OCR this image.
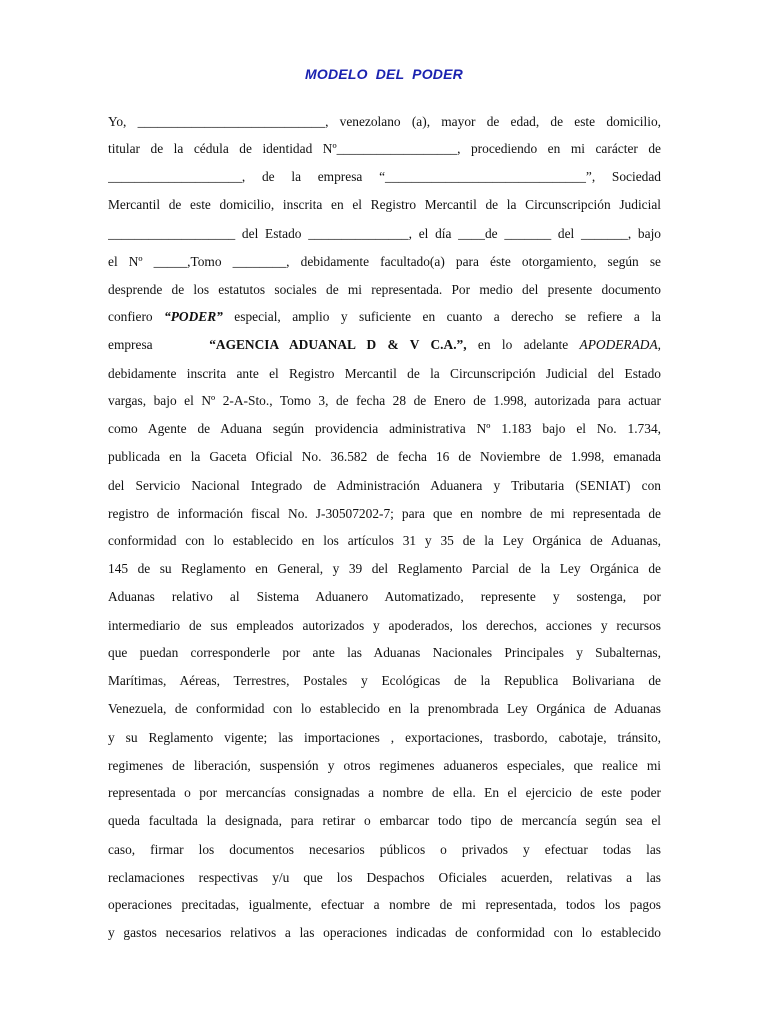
MODELO DEL PODER
Yo, ____________________________, venezolano (a), mayor de edad, de este domicilio,
titular de la cédula de identidad Nº__________________, procediendo en mi carácter de
____________________, de la empresa “______________________________”, Sociedad
Mercantil de este domicilio, inscrita en el Registro Mercantil de la Circunscripción Judicial
___________________ del Estado _______________, el día ____de _______ del _______, bajo
el Nº _____,Tomo ________, debidamente facultado(a) para éste otorgamiento, según se
desprende de los estatutos sociales de mi representada. Por medio del presente documento
confiero “PODER” especial, amplio y suficiente en cuanto a derecho se refiere a la
empresa     “AGENCIA ADUANAL D & V C.A.”, en lo adelante APODERADA,
debidamente inscrita ante el Registro Mercantil de la Circunscripción Judicial del Estado
vargas, bajo el Nº 2-A-Sto., Tomo 3, de fecha 28 de Enero de 1.998, autorizada para actuar
como Agente de Aduana según providencia administrativa Nº 1.183 bajo el No. 1.734,
publicada en la Gaceta Oficial No. 36.582 de fecha 16 de Noviembre de 1.998, emanada
del Servicio Nacional Integrado de Administración Aduanera y Tributaria (SENIAT) con
registro de información fiscal No. J-30507202-7; para que en nombre de mi representada de
conformidad con lo establecido en los artículos 31 y 35 de la Ley Orgánica de Aduanas,
145 de su Reglamento en General, y 39 del Reglamento Parcial de la Ley Orgánica de
Aduanas relativo al Sistema Aduanero Automatizado, represente y sostenga, por
intermediario de sus empleados autorizados y apoderados, los derechos, acciones y recursos
que puedan corresponderle por ante las Aduanas Nacionales Principales y Subalternas,
Marítimas, Aéreas, Terrestres, Postales y Ecológicas de la Republica Bolivariana de
Venezuela, de conformidad con lo establecido en la prenombrada Ley Orgánica de Aduanas
y su Reglamento vigente; las importaciones , exportaciones, trasbordo, cabotaje, tránsito,
regimenes de liberación, suspensión y otros regimenes aduaneros especiales, que realice mi
representada o por mercancías consignadas a nombre de ella. En el ejercicio de este poder
queda facultada la designada, para retirar o embarcar todo tipo de mercancía según sea el
caso, firmar los documentos necesarios públicos o privados y efectuar todas las
reclamaciones respectivas y/u que los Despachos Oficiales acuerden, relativas a las
operaciones precitadas, igualmente, efectuar a nombre de mi representada, todos los pagos
y gastos necesarios relativos a las operaciones indicadas de conformidad con lo establecido
